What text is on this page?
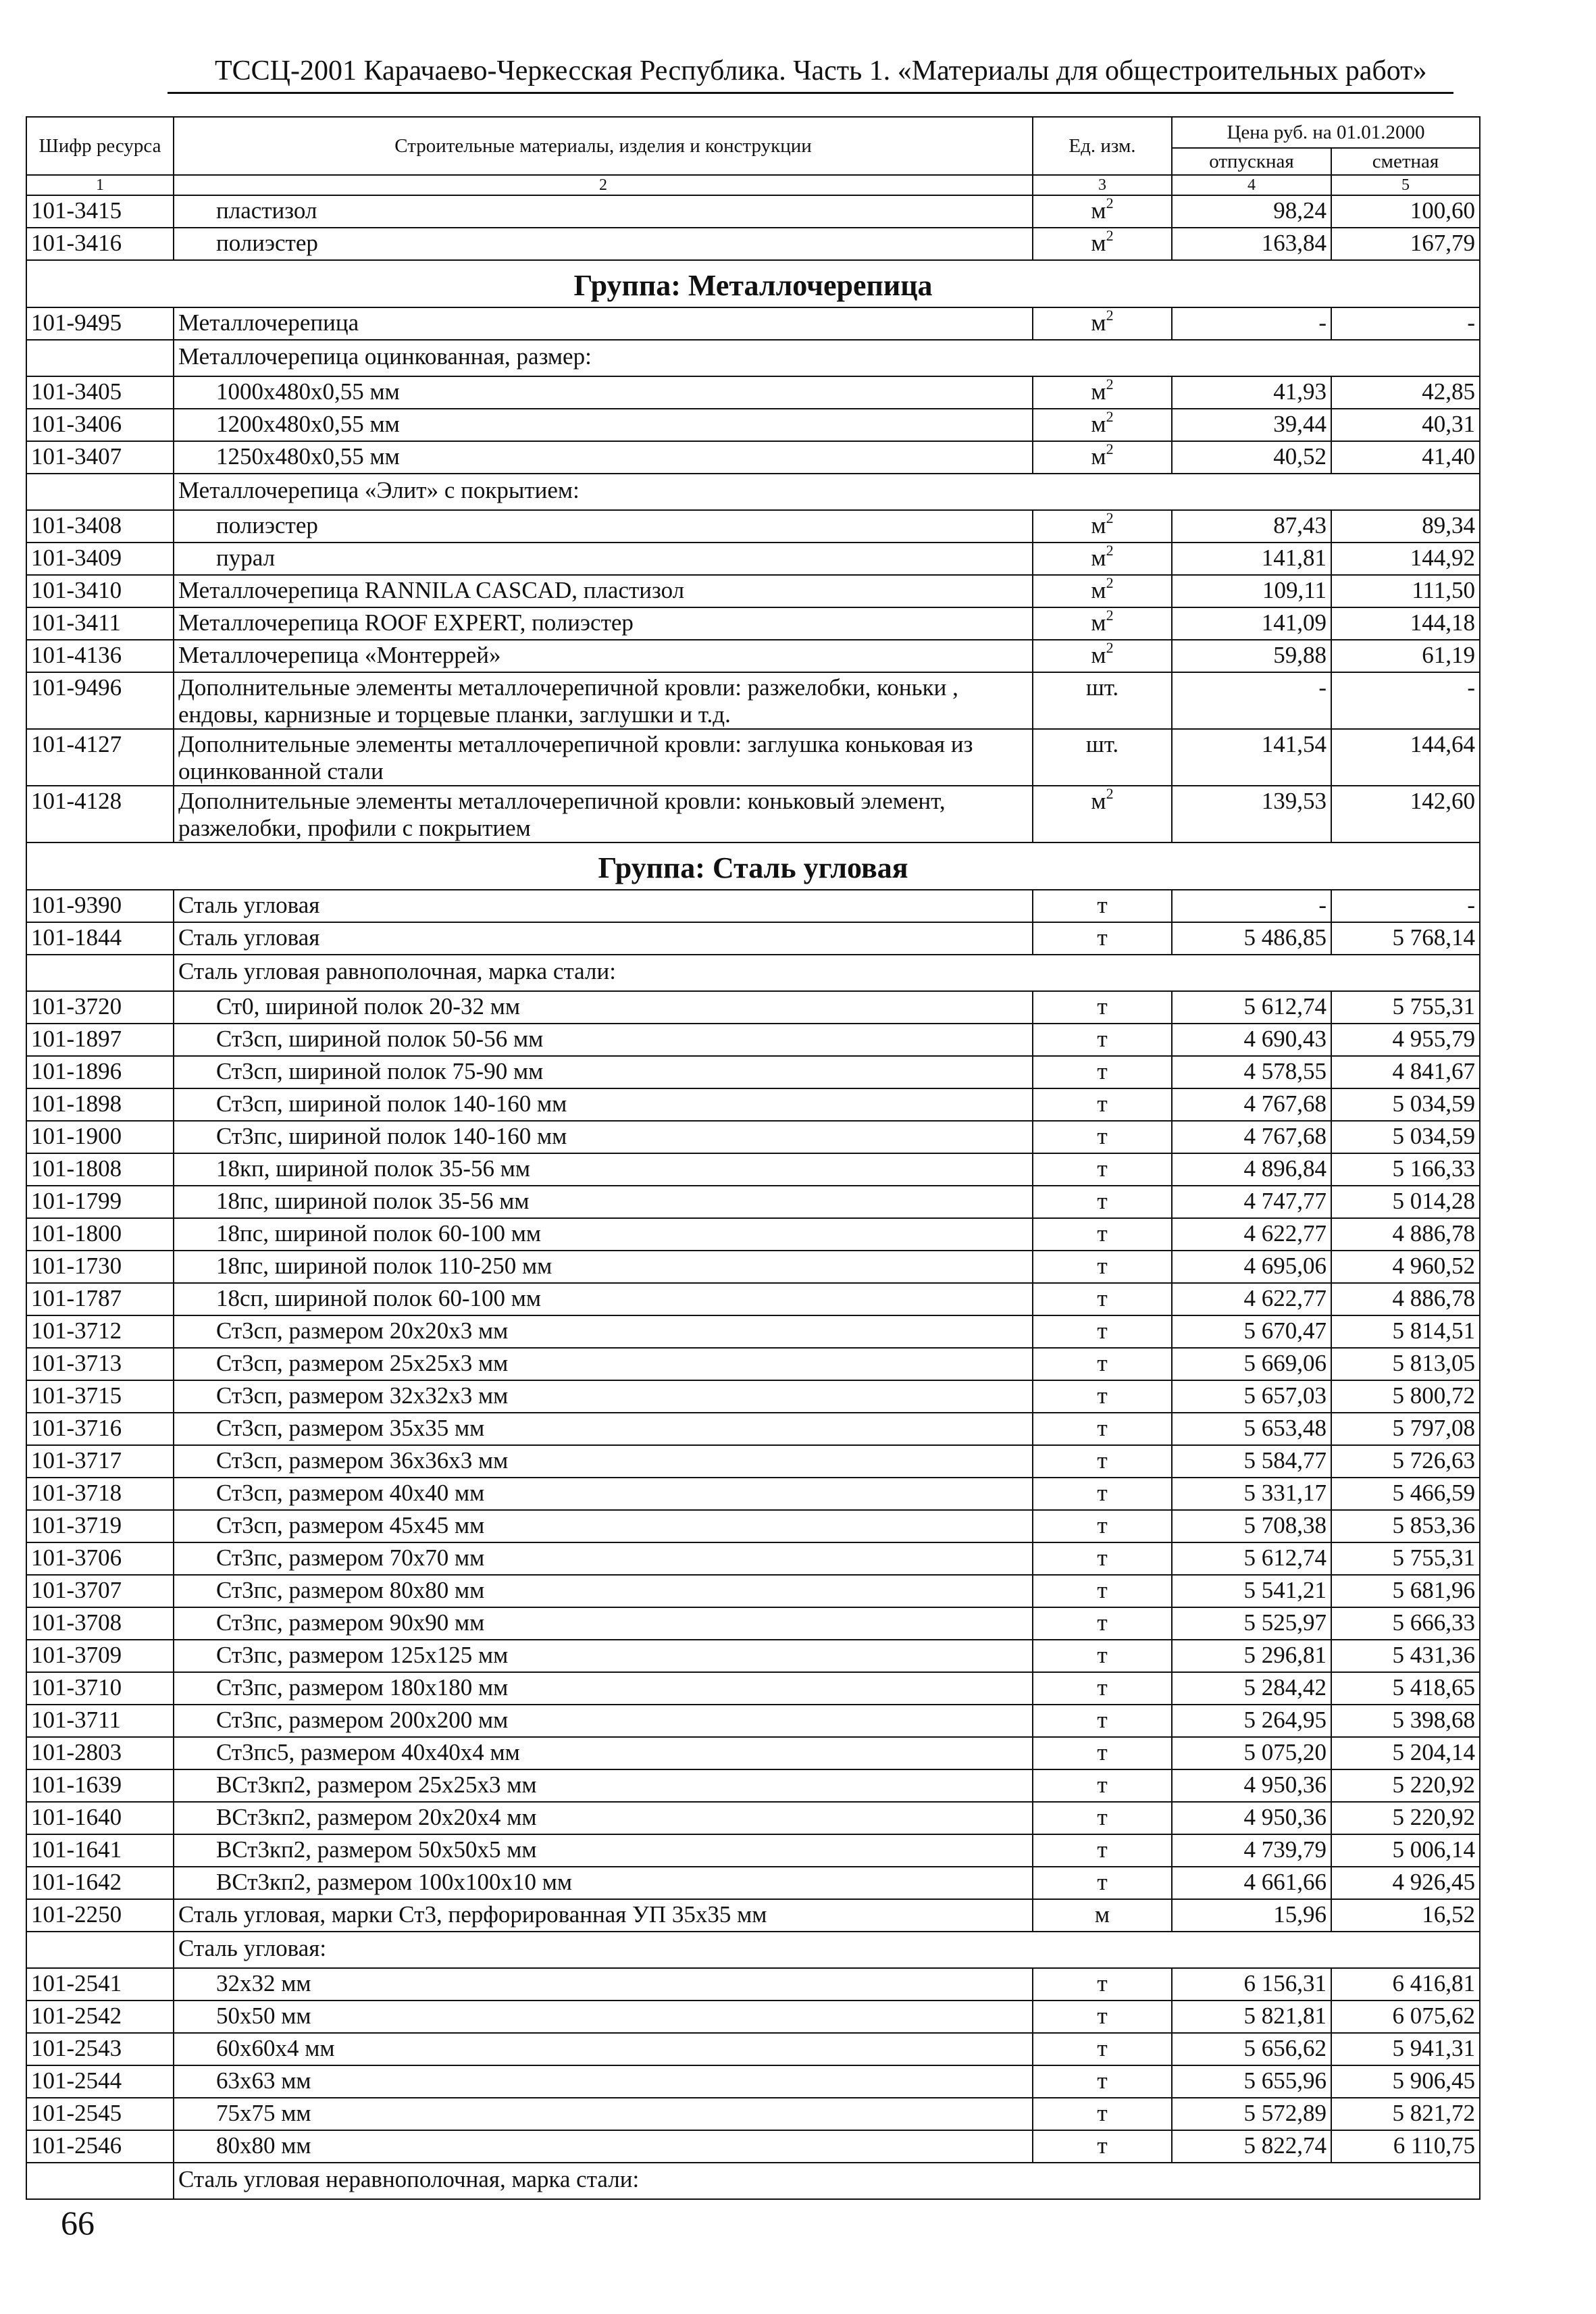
ТССЦ-2001 Карачаево-Черкесская Республика. Часть 1. «Материалы для общестроительных работ»
Шифр ресурса	Строительные материалы, изделия и конструкции	Ед. изм.	Цена руб. на 01.01.2000	
			отпускная	сметная
1	2	3	4	5
101-3415	пластизол	$м^2$	98,24	100,60
101-3416	полиэстер	$м^2$	163,84	167,79
Группа: Металлочерепица				
101-9495	Металлочерепица	$м^2$	-	-
	Металлочерепица оцинкованная, размер:			
101-3405	1000х480х0,55 мм	$м^2$	41,93	42,85
101-3406	1200х480х0,55 мм	$м^2$	39,44	40,31
101-3407	1250х480х0,55 мм	$м^2$	40,52	41,40
	Металлочерепица «Элит» с покрытием:			
101-3408	полиэстер	$м^2$	87,43	89,34
101-3409	пурал	$м^2$	141,81	144,92
101-3410	Металлочерепица RANNILA CASCAD, пластизол	$м^2$	109,11	111,50
101-3411	Металлочерепица ROOF EXPERT, полиэстер	$м^2$	141,09	144,18
101-4136	Металлочерепица «Монтеррей»	$м^2$	59,88	61,19
101-9496	Дополнительные элементы металлочерепичной кровли: разжелобки, коньки , ендовы, карнизные и торцевые планки, заглушки и т.д.	шт.	-	-
101-4127	Дополнительные элементы металлочерепичной кровли: заглушка коньковая из оцинкованной стали	шт.	141,54	144,64
101-4128	Дополнительные элементы металлочерепичной кровли: коньковый элемент, разжелобки, профили с покрытием	$м^2$	139,53	142,60
Группа: Сталь угловая				
101-9390	Сталь угловая	т	-	-
101-1844	Сталь угловая	т	5 486,85	5 768,14
	Сталь угловая равнополочная, марка стали:			
101-3720	Ст0, шириной полок 20-32 мм	т	5 612,74	5 755,31
101-1897	Ст3сп, шириной полок 50-56 мм	т	4 690,43	4 955,79
101-1896	Ст3сп, шириной полок 75-90 мм	т	4 578,55	4 841,67
101-1898	Ст3сп, шириной полок 140-160 мм	т	4 767,68	5 034,59
101-1900	Ст3пс, шириной полок 140-160 мм	т	4 767,68	5 034,59
101-1808	18кп, шириной полок 35-56 мм	т	4 896,84	5 166,33
101-1799	18пс, шириной полок 35-56 мм	т	4 747,77	5 014,28
101-1800	18пс, шириной полок 60-100 мм	т	4 622,77	4 886,78
101-1730	18пс, шириной полок 110-250 мм	т	4 695,06	4 960,52
101-1787	18сп, шириной полок 60-100 мм	т	4 622,77	4 886,78
101-3712	Ст3сп, размером 20х20х3 мм	т	5 670,47	5 814,51
101-3713	Ст3сп, размером 25х25х3 мм	т	5 669,06	5 813,05
101-3715	Ст3сп, размером 32х32х3 мм	т	5 657,03	5 800,72
101-3716	Ст3сп, размером 35х35 мм	т	5 653,48	5 797,08
101-3717	Ст3сп, размером 36х36х3 мм	т	5 584,77	5 726,63
101-3718	Ст3сп, размером 40х40 мм	т	5 331,17	5 466,59
101-3719	Ст3сп, размером 45х45 мм	т	5 708,38	5 853,36
101-3706	Ст3пс, размером 70х70 мм	т	5 612,74	5 755,31
101-3707	Ст3пс, размером 80х80 мм	т	5 541,21	5 681,96
101-3708	Ст3пс, размером 90х90 мм	т	5 525,97	5 666,33
101-3709	Ст3пс, размером 125х125 мм	т	5 296,81	5 431,36
101-3710	Ст3пс, размером 180х180 мм	т	5 284,42	5 418,65
101-3711	Ст3пс, размером 200х200 мм	т	5 264,95	5 398,68
101-2803	Ст3пс5, размером 40х40х4 мм	т	5 075,20	5 204,14
101-1639	ВСт3кп2, размером 25х25х3 мм	т	4 950,36	5 220,92
101-1640	ВСт3кп2, размером 20х20х4 мм	т	4 950,36	5 220,92
101-1641	ВСт3кп2, размером 50х50х5 мм	т	4 739,79	5 006,14
101-1642	ВСт3кп2, размером 100х100х10 мм	т	4 661,66	4 926,45
101-2250	Сталь угловая, марки Ст3, перфорированная УП 35х35 мм	м	15,96	16,52
	Сталь угловая:			
101-2541	32х32 мм	т	6 156,31	6 416,81
101-2542	50х50 мм	т	5 821,81	6 075,62
101-2543	60х60х4 мм	т	5 656,62	5 941,31
101-2544	63х63 мм	т	5 655,96	5 906,45
101-2545	75х75 мм	т	5 572,89	5 821,72
101-2546	80х80 мм	т	5 822,74	6 110,75
	Сталь угловая неравнополочная, марка стали:			
66
